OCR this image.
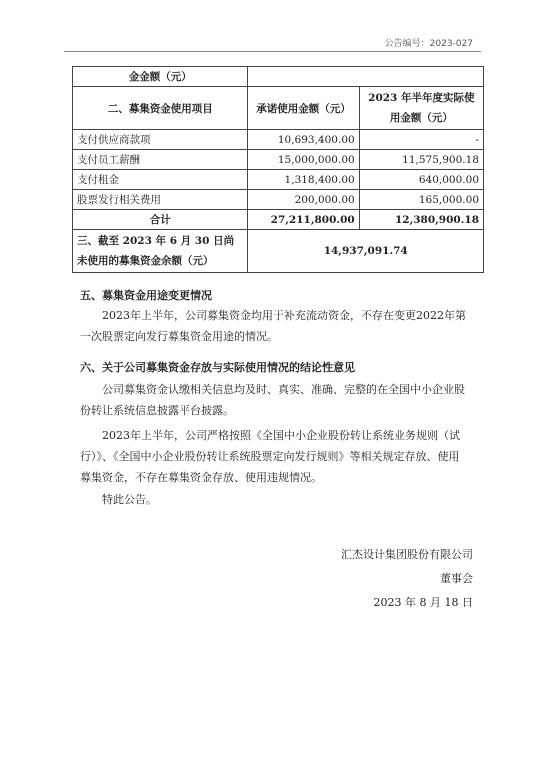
公告编号：2023-027
金金额（元）		
二、募集资金使用项目	承诺使用金额（元）	2023 年半年度实际使用金额（元）
支付供应商款项	10,693,400.00	-
支付员工薪酬	15,000,000.00	11,575,900.18
支付租金	1,318,400.00	640,000.00
股票发行相关费用	200,000.00	165,000.00
合计	27,211,800.00	12,380,900.18
三、截至 2023 年 6 月 30 日尚未使用的募集资金余额（元）	14,937,091.74	

五、募集资金用途变更情况

2023年上半年，公司募集资金均用于补充流动资金，不存在变更2022年第一次股票定向发行募集资金用途的情况。

六、关于公司募集资金存放与实际使用情况的结论性意见

公司募集资金认缴相关信息均及时、真实、准确、完整的在全国中小企业股份转让系统信息披露平台披露。

2023年上半年，公司严格按照《全国中小企业股份转让系统业务规则（试行）》、《全国中小企业股份转让系统股票定向发行规则》等相关规定存放、使用募集资金，不存在募集资金存放、使用违规情况。

特此公告。

汇杰设计集团股份有限公司

董事会

2023 年 8 月 18 日
